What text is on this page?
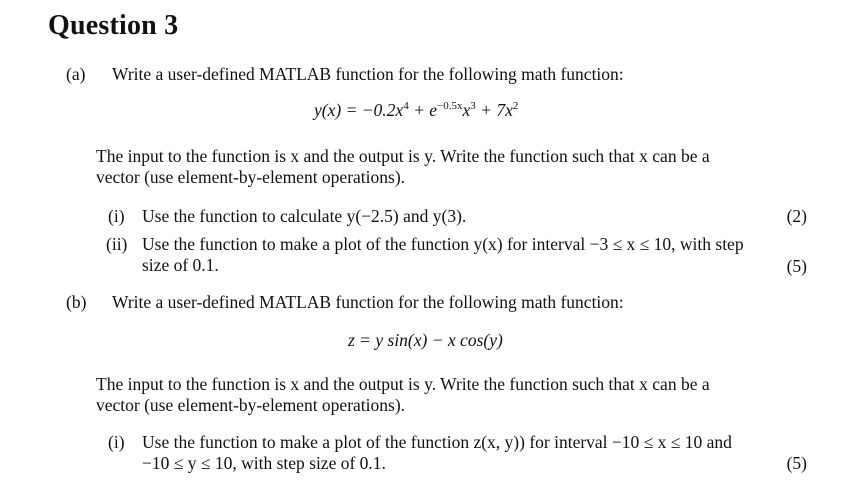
Question 3
(a) Write a user-defined MATLAB function for the following math function:
$y(x) = -0.2x^4 + e^{-0.5x}x^3 + 7x^2$
The input to the function is x and the output is y. Write the function such that x can be a
vector (use element-by-element operations).
(i) Use the function to calculate y(−2.5) and y(3).	(2)
(ii) Use the function to make a plot of the function y(x) for interval −3 ≤ x ≤ 10, with step
size of 0.1.	(5)
(b) Write a user-defined MATLAB function for the following math function:
z = y sin(x) − x cos(y)
The input to the function is x and the output is y. Write the function such that x can be a
vector (use element-by-element operations).
(i) Use the function to make a plot of the function z(x, y)) for interval −10 ≤ x ≤ 10 and
−10 ≤ y ≤ 10, with step size of 0.1.	(5)
